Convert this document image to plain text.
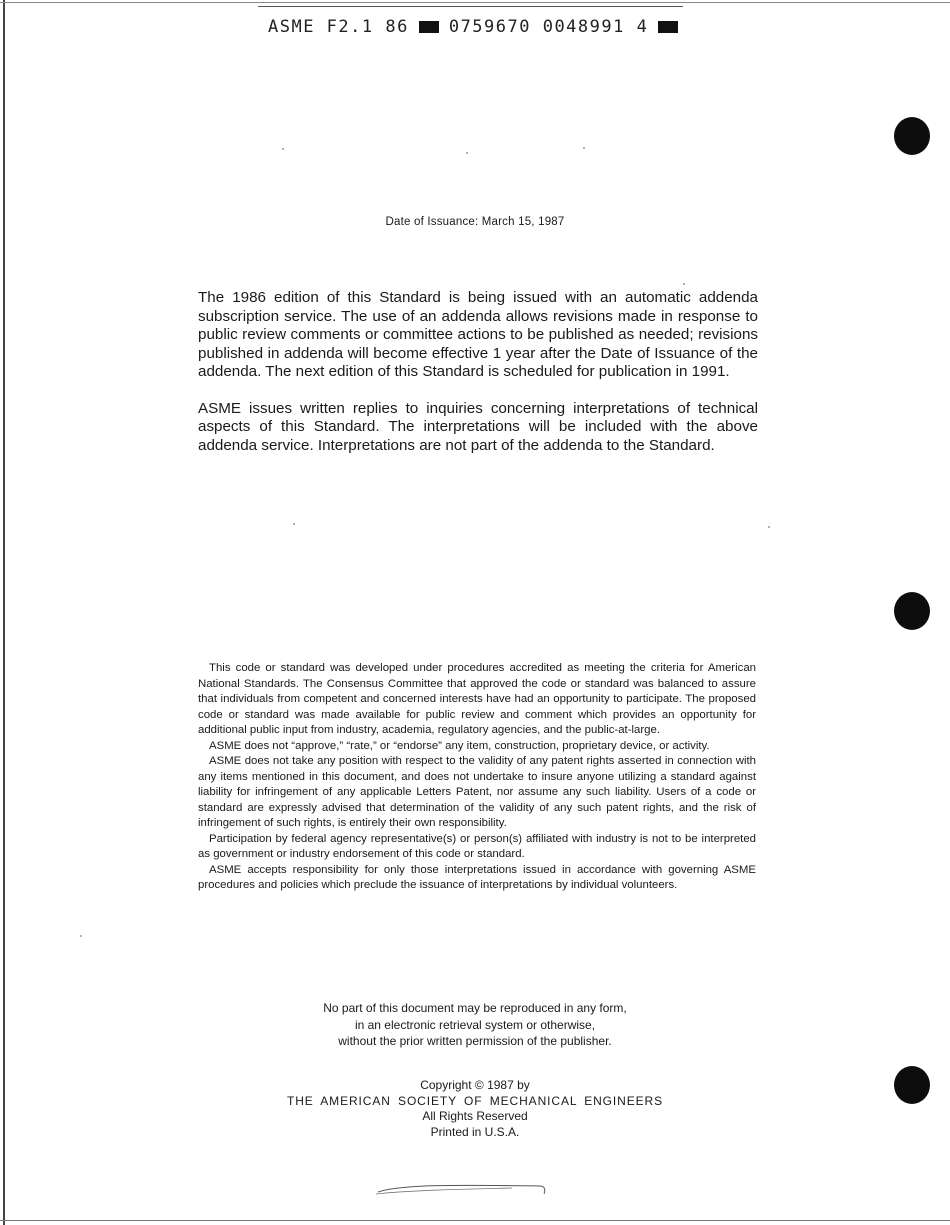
ASME F2.1 86 0759670 0048991 4
Date of Issuance: March 15, 1987

The 1986 edition of this Standard is being issued with an automatic addenda subscription service. The use of an addenda allows revisions made in response to public review comments or committee actions to be published as needed; revisions published in addenda will become effective 1 year after the Date of Issuance of the addenda. The next edition of this Standard is scheduled for publication in 1991.

ASME issues written replies to inquiries concerning interpretations of technical aspects of this Standard. The interpretations will be included with the above addenda service. Interpretations are not part of the addenda to the Standard.

This code or standard was developed under procedures accredited as meeting the criteria for American National Standards. The Consensus Committee that approved the code or standard was balanced to assure that individuals from competent and concerned interests have had an opportunity to participate. The proposed code or standard was made available for public review and comment which provides an opportunity for additional public input from industry, academia, regulatory agencies, and the public-at-large.

ASME does not “approve,” “rate,” or “endorse” any item, construction, proprietary device, or activity.

ASME does not take any position with respect to the validity of any patent rights asserted in connection with any items mentioned in this document, and does not undertake to insure anyone utilizing a standard against liability for infringement of any applicable Letters Patent, nor assume any such liability. Users of a code or standard are expressly advised that determination of the validity of any such patent rights, and the risk of infringement of such rights, is entirely their own responsibility.

Participation by federal agency representative(s) or person(s) affiliated with industry is not to be interpreted as government or industry endorsement of this code or standard.

ASME accepts responsibility for only those interpretations issued in accordance with governing ASME procedures and policies which preclude the issuance of interpretations by individual volunteers.

No part of this document may be reproduced in any form,
in an electronic retrieval system or otherwise,
without the prior written permission of the publisher.
Copyright © 1987 by
THE AMERICAN SOCIETY OF MECHANICAL ENGINEERS
All Rights Reserved
Printed in U.S.A.
